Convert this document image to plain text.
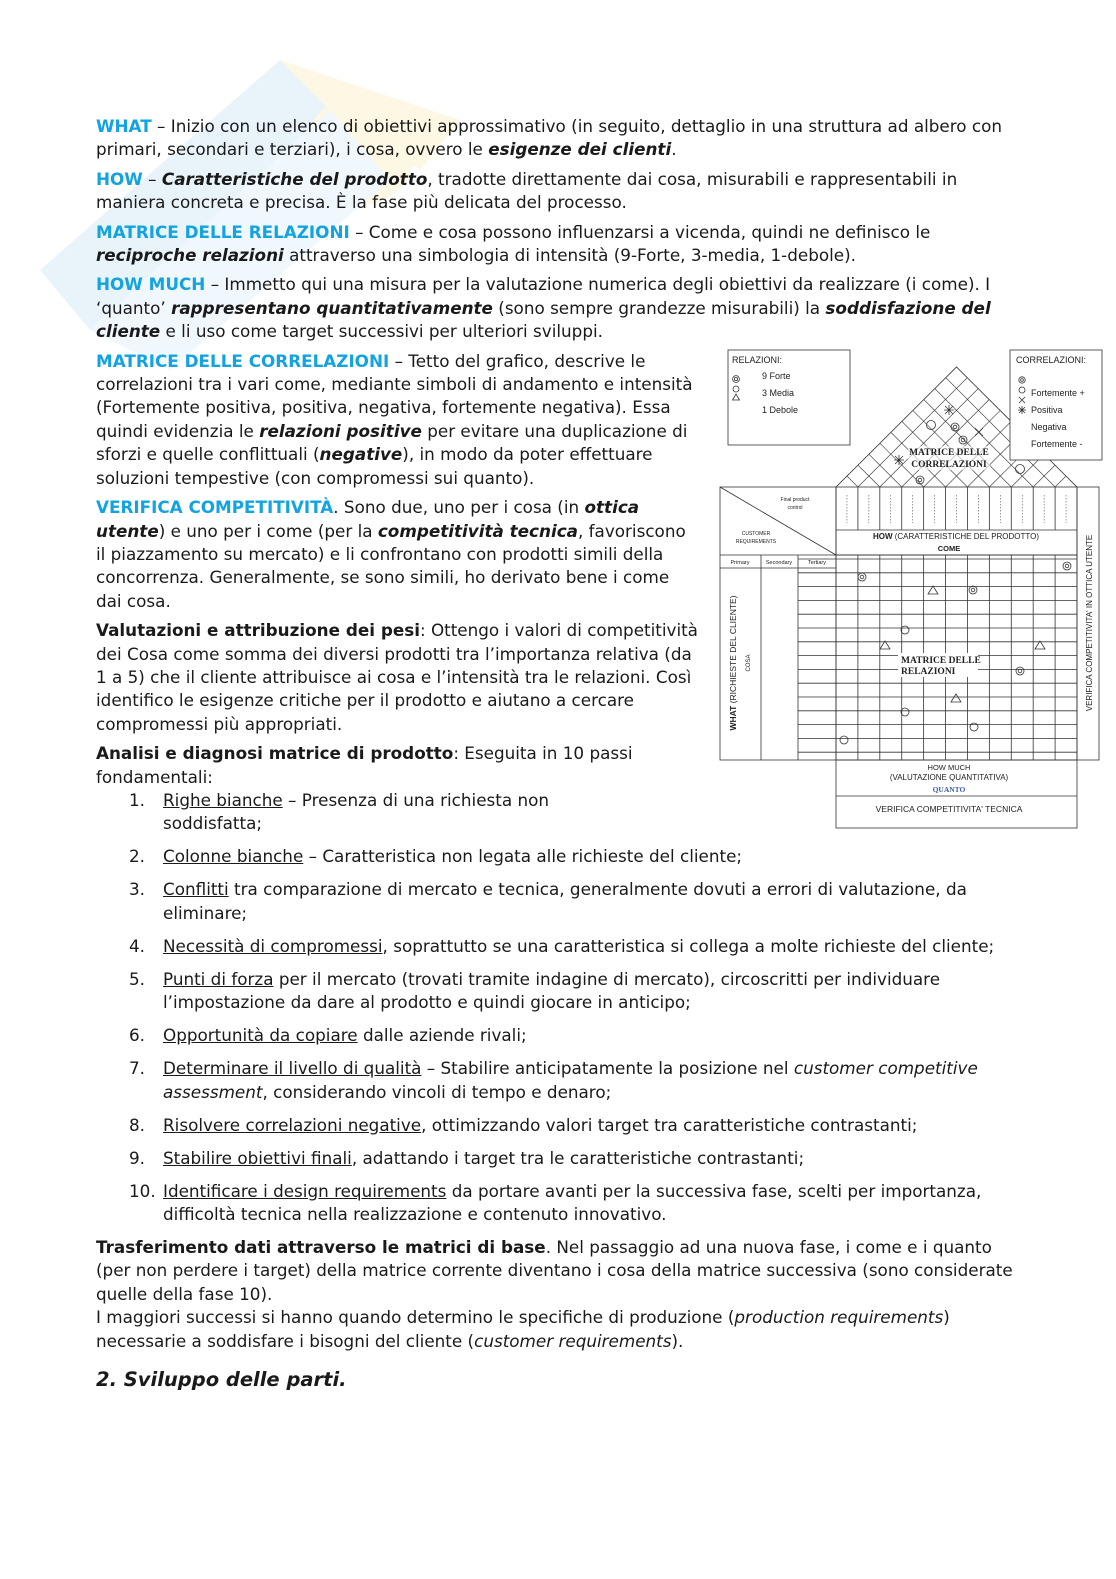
WHAT – Inizio con un elenco di obiettivi approssimativo (in seguito, dettaglio in una struttura ad albero con primari, secondari e terziari), i cosa, ovvero le esigenze dei clienti.

HOW – Caratteristiche del prodotto, tradotte direttamente dai cosa, misurabili e rappresentabili in maniera concreta e precisa. È la fase più delicata del processo.

MATRICE DELLE RELAZIONI – Come e cosa possono influenzarsi a vicenda, quindi ne definisco le reciproche relazioni attraverso una simbologia di intensità (9-Forte, 3-media, 1-debole).

HOW MUCH – Immetto qui una misura per la valutazione numerica degli obiettivi da realizzare (i come). I ‘quanto’ rappresentano quantitativamente (sono sempre grandezze misurabili) la soddisfazione del cliente e li uso come target successivi per ulteriori sviluppi.

MATRICE DELLE CORRELAZIONI – Tetto del grafico, descrive le correlazioni tra i vari come, mediante simboli di andamento e intensità (Fortemente positiva, positiva, negativa, fortemente negativa). Essa quindi evidenzia le relazioni positive per evitare una duplicazione di sforzi e quelle conflittuali (negative), in modo da poter effettuare soluzioni tempestive (con compromessi sui quanto).

VERIFICA COMPETITIVITÀ. Sono due, uno per i cosa (in ottica utente) e uno per i come (per la competitività tecnica, favoriscono il piazzamento su mercato) e li confrontano con prodotti simili della concorrenza. Generalmente, se sono simili, ho derivato bene i come dai cosa.

Valutazioni e attribuzione dei pesi: Ottengo i valori di competitività dei Cosa come somma dei diversi prodotti tra l’importanza relativa (da 1 a 5) che il cliente attribuisce ai cosa e l’intensità tra le relazioni. Così identifico le esigenze critiche per il prodotto e aiutano a cercare compromessi più appropriati.

Analisi e diagnosi matrice di prodotto: Eseguita in 10 passi fondamentali:

1. Righe bianche – Presenza di una richiesta non soddisfatta;
2. Colonne bianche – Caratteristica non legata alle richieste del cliente;
3. Conflitti tra comparazione di mercato e tecnica, generalmente dovuti a errori di valutazione, da eliminare;
4. Necessità di compromessi, soprattutto se una caratteristica si collega a molte richieste del cliente;
5. Punti di forza per il mercato (trovati tramite indagine di mercato), circoscritti per individuare l’impostazione da dare al prodotto e quindi giocare in anticipo;
6. Opportunità da copiare dalle aziende rivali;
7. Determinare il livello di qualità – Stabilire anticipatamente la posizione nel customer competitive assessment, considerando vincoli di tempo e denaro;
8. Risolvere correlazioni negative, ottimizzando valori target tra caratteristiche contrastanti;
9. Stabilire obiettivi finali, adattando i target tra le caratteristiche contrastanti;
10. Identificare i design requirements da portare avanti per la successiva fase, scelti per importanza, difficoltà tecnica nella realizzazione e contenuto innovativo.

Trasferimento dati attraverso le matrici di base. Nel passaggio ad una nuova fase, i come e i quanto (per non perdere i target) della matrice corrente diventano i cosa della matrice successiva (sono considerate quelle della fase 10).

I maggiori successi si hanno quando determino le specifiche di produzione (production requirements) necessarie a soddisfare i bisogni del cliente (customer requirements).

2. Sviluppo delle parti.
RELAZIONI:
9 Forte
3 Media
1 Debole
MATRICE DELLE
CORRELAZIONI
CORRELAZIONI:
Fortemente +
Positiva
Negativa
Fortemente -
HOW (CARATTERISTICHE DEL PRODOTTO)
COME
Final product
control
CUSTOMER
REQUIREMENTS
Primary	Secondary	Tertiary
WHAT (RICHIESTE DEL CLIENTE) COSA	MATRICE DELLE
RELAZIONI	VERIFICA COMPETITIVITA' IN OTTICA UTENTE
HOW MUCH
(VALUTAZIONE QUANTITATIVA)
QUANTO
VERIFICA COMPETITIVITA' TECNICA
